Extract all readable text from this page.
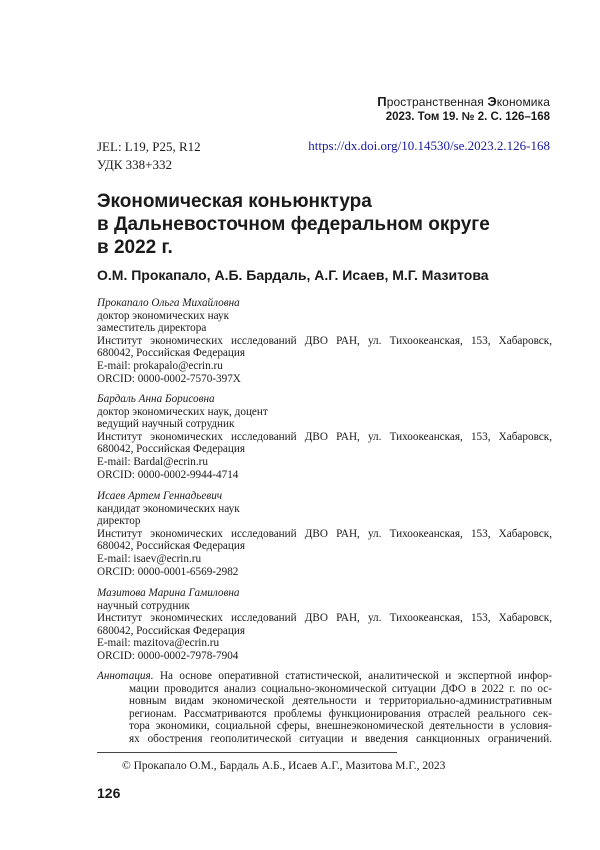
Пространственная Экономика
2023. Том 19. № 2. С. 126–168
JEL: L19, P25, R12
УДК 338+332
https://dx.doi.org/10.14530/se.2023.2.126-168
Экономическая коньюнктура
в Дальневосточном федеральном округе
в 2022 г.
О.М. Прокапало, А.Б. Бардаль, А.Г. Исаев, М.Г. Мазитова
Прокапало Ольга Михайловна
доктор экономических наук
заместитель директора
Институт экономических исследований ДВО РАН, ул. Тихоокеанская, 153, Хабаровск,
680042, Российская Федерация
E-mail: prokapalo@ecrin.ru
ORCID: 0000-0002-7570-397X
Бардаль Анна Борисовна
доктор экономических наук, доцент
ведущий научный сотрудник
Институт экономических исследований ДВО РАН, ул. Тихоокеанская, 153, Хабаровск,
680042, Российская Федерация
E-mail: Bardal@ecrin.ru
ORCID: 0000-0002-9944-4714
Исаев Артем Геннадьевич
кандидат экономических наук
директор
Институт экономических исследований ДВО РАН, ул. Тихоокеанская, 153, Хабаровск,
680042, Российская Федерация
E-mail: isaev@ecrin.ru
ORCID: 0000-0001-6569-2982
Мазитова Марина Гамиловна
научный сотрудник
Институт экономических исследований ДВО РАН, ул. Тихоокеанская, 153, Хабаровск,
680042, Российская Федерация
E-mail: mazitova@ecrin.ru
ORCID: 0000-0002-7978-7904
Аннотация. На основе оперативной статистической, аналитической и экспертной инфор-
мации проводится анализ социально-экономической ситуации ДФО в 2022 г. по ос-
новным видам экономической деятельности и территориально-административным
регионам. Рассматриваются проблемы функционирования отраслей реального сек-
тора экономики, социальной сферы, внешнеэкономической деятельности в условия-
ях обострения геополитической ситуации и введения санкционных ограничений.
© Прокапало О.М., Бардаль А.Б., Исаев А.Г., Мазитова М.Г., 2023
126
